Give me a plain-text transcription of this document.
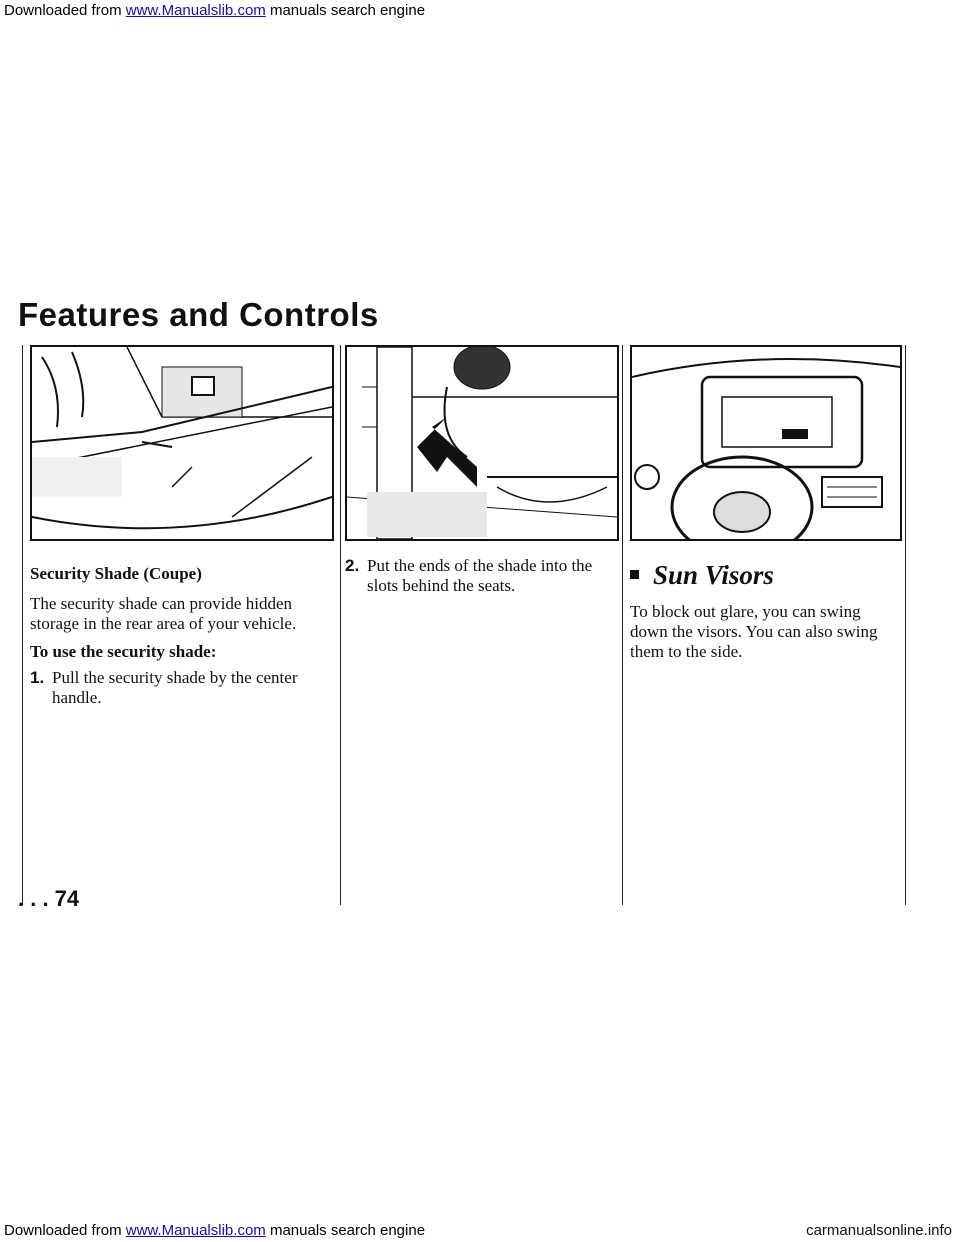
Downloaded from www.Manualslib.com manuals search engine
Features and Controls

Security Shade (Coupe)

The security shade can provide hidden storage in the rear area of your vehicle.

To use the security shade:

1. Pull the security shade by the center handle.
2. Put the ends of the shade into the slots behind the seats.	Sun Visors

To block out glare, you can swing down the visors. You can also swing them to the side.

. . . 74
Downloaded from www.Manualslib.com manuals search engine	carmanualsonline.info
